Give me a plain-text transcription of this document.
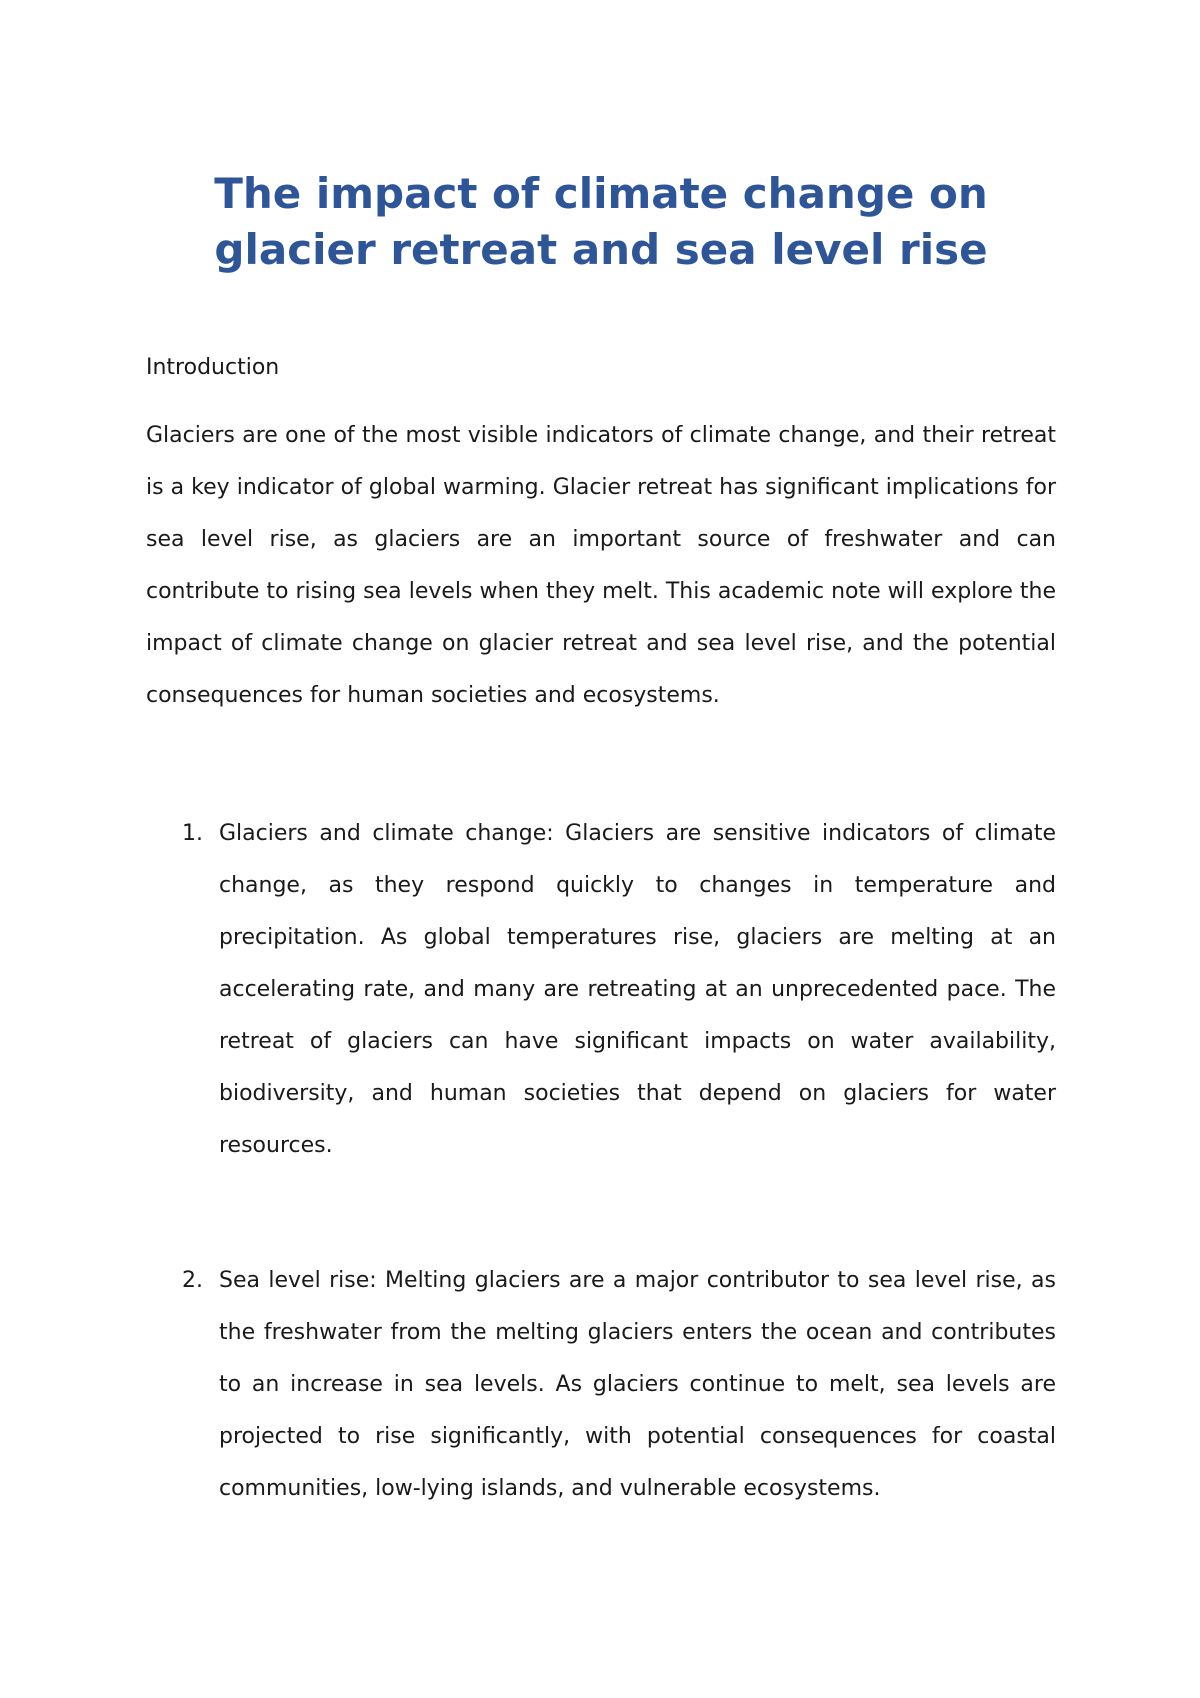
The impact of climate change on glacier retreat and sea level rise
Introduction

Glaciers are one of the most visible indicators of climate change, and their retreat is a key indicator of global warming. Glacier retreat has significant implications for sea level rise, as glaciers are an important source of freshwater and can contribute to rising sea levels when they melt. This academic note will explore the impact of climate change on glacier retreat and sea level rise, and the potential consequences for human societies and ecosystems.

1. Glaciers and climate change: Glaciers are sensitive indicators of climate change, as they respond quickly to changes in temperature and precipitation. As global temperatures rise, glaciers are melting at an accelerating rate, and many are retreating at an unprecedented pace. The retreat of glaciers can have significant impacts on water availability, biodiversity, and human societies that depend on glaciers for water resources.

2. Sea level rise: Melting glaciers are a major contributor to sea level rise, as the freshwater from the melting glaciers enters the ocean and contributes to an increase in sea levels. As glaciers continue to melt, sea levels are projected to rise significantly, with potential consequences for coastal communities, low-lying islands, and vulnerable ecosystems.
